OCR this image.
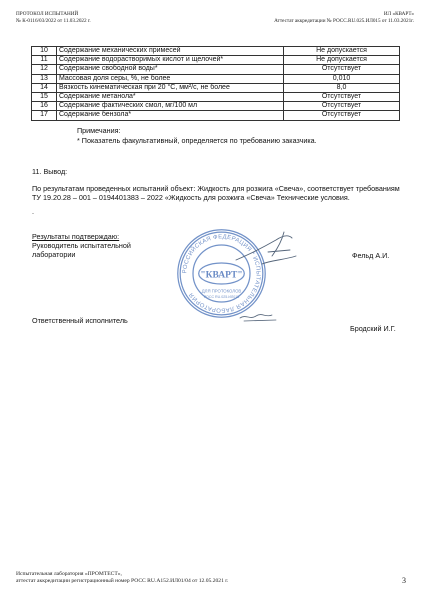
ПРОТОКОЛ ИСПЫТАНИЙ
№ К-0116/03/2022 от 11.03.2022 г.
ИЛ «КВАРТ»
Аттестат аккредитации № РОСС.RU.025.ИЛ015 от 11.03.2021г.
10	Содержание механических примесей	Не допускается
11	Содержание водорастворимых кислот и щелочей*	Не допускается
12	Содержание свободной воды*	Отсутствует
13	Массовая доля серы, %, не более	0,010
14	Вязкость кинематическая при 20 °С, мм²/с, не более	8,0
15	Содержание метанола*	Отсутствует
16	Содержание фактических смол, мг/100 мл	Отсутствует
17	Содержание бензола*	Отсутствует
Примечания:
* Показатель факультативный, определяется по требованию заказчика.
11. Вывод:
По результатам проведенных испытаний объект: Жидкость для розжига «Свеча», соответствует требованиям ТУ 19.20.28 – 001 – 0194401383 – 2022 «Жидкость для розжига «Свеча» Технические условия.
.
Результаты подтверждаю:
Руководитель испытательной
лаборатории	Фельд А.И.
Ответственный исполнитель
Бродский И.Г.
РОССИЙСКАЯ ФЕДЕРАЦИЯ * ИСПЫТАТЕЛЬНАЯ ЛАБОРАТОРИЯ
"КВАРТ"
ДЛЯ ПРОТОКОЛОВ
РОСС RU.025.ИЛ015
Испытательная лаборатория «ПРОМТЕСТ»,
аттестат аккредитации регистрационный номер РОСС RU.A152.ИЛ01/04 от 12.05.2021 г.	3
